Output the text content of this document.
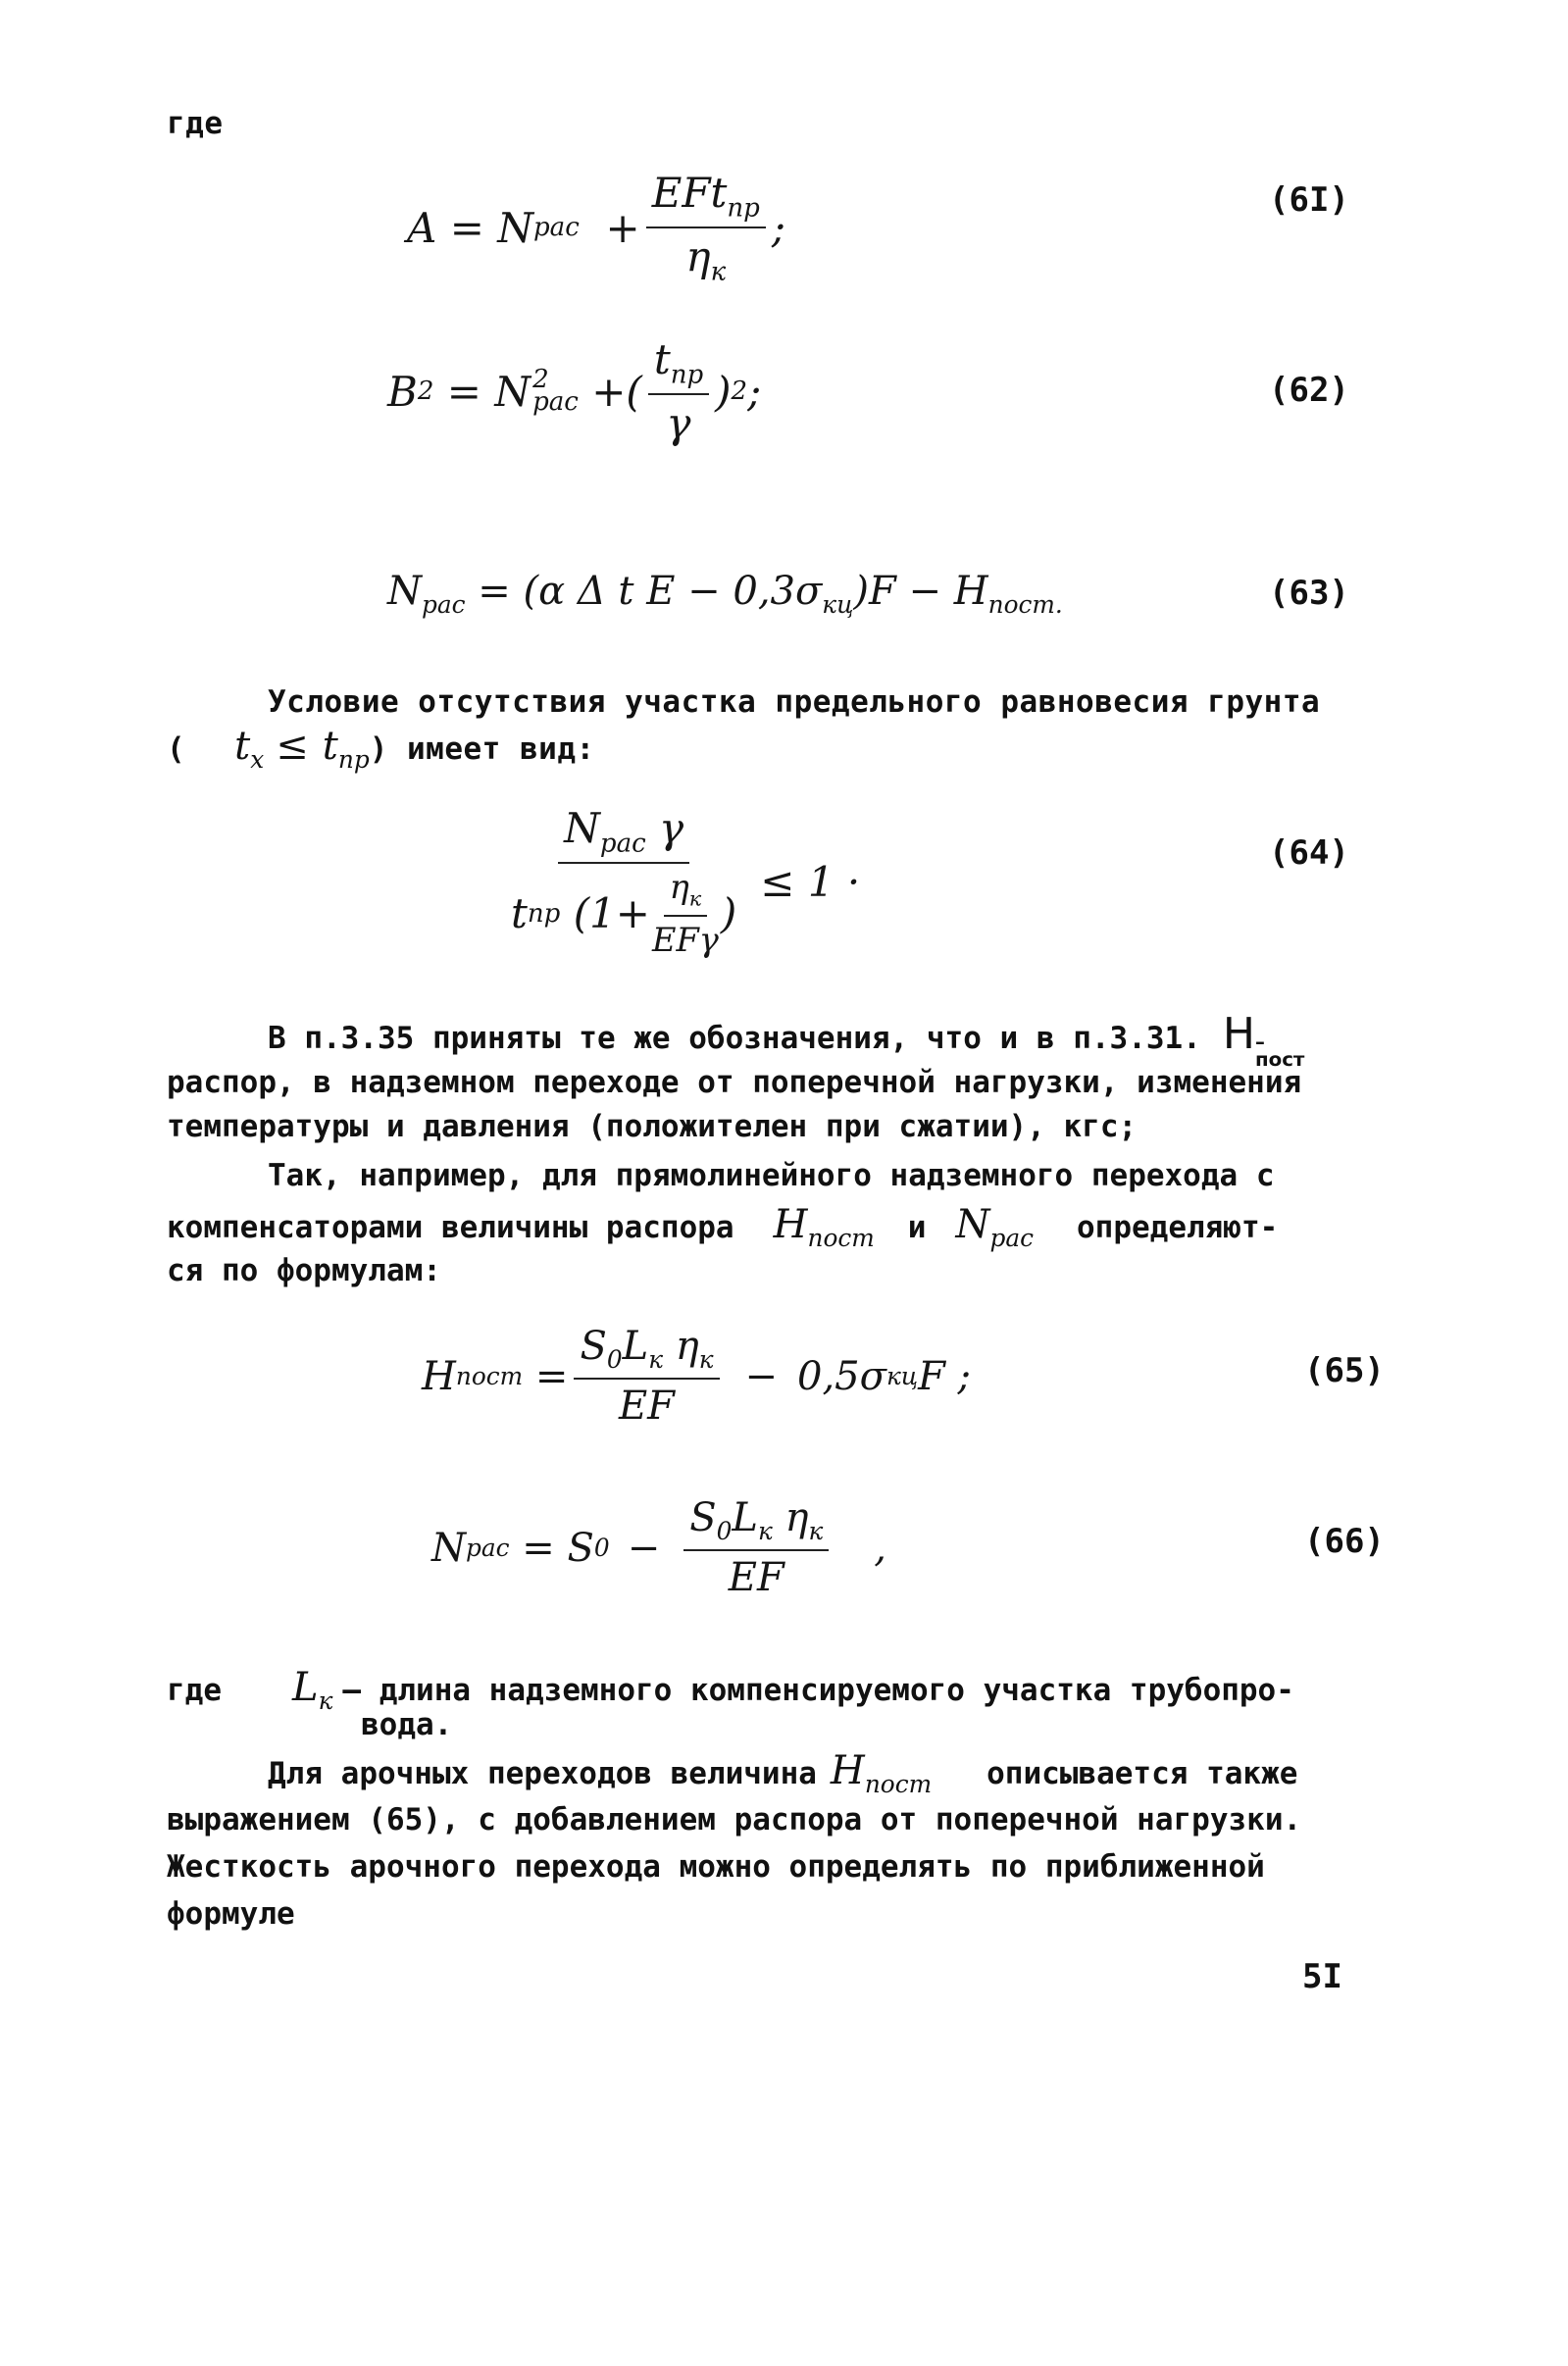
где
A
=
N рас
+ $\frac{EFt_{пр}}{\eta_к}$ ;
(6I)
B 2
=
N 2
рас
+( $\frac{t_{пр}}{\gamma}$ ) 2 ;	(62)
$N_{рас} = (\alpha$ Δ t $E - 0,3\sigma_{кц})F - H_{пост.}$	(63)
Условие отсутствия участка предельного равновесия грунта
( $t_x \le t_{пр}$ ) имеет вид:
$N_{рас}$ γ
t пр
($1+ \frac{\eta_к}{\text{EFγ}}$ )
≤ 1 ·
(64)
В п.3.35 приняты те же обозначения, что и в п.3.31. H –
пост
распор, в надземном переходе от поперечной нагрузки, изменения
температуры и давления (положителен при сжатии), кгс;
Так, например, для прямолинейного надземного перехода с
компенсаторами величины распора $H_{пост}$ и $N_{рас}$ определяют-
ся по формулам:
H пост
= $\frac{S_0L_к \eta_к}{EF} - 0,5\sigma$ кц F ;	(65)
N рас
=
S $0 - \frac{S_0L_к \eta_к}{EF}$ ,	(66)
где $L_к$ – длина надземного компенсируемого участка трубопро-
вода.
Для арочных переходов величина $H_{пост}$ описывается также
выражением (65), с добавлением распора от поперечной нагрузки.
Жесткость арочного перехода можно определять по приближенной
формуле
5I
